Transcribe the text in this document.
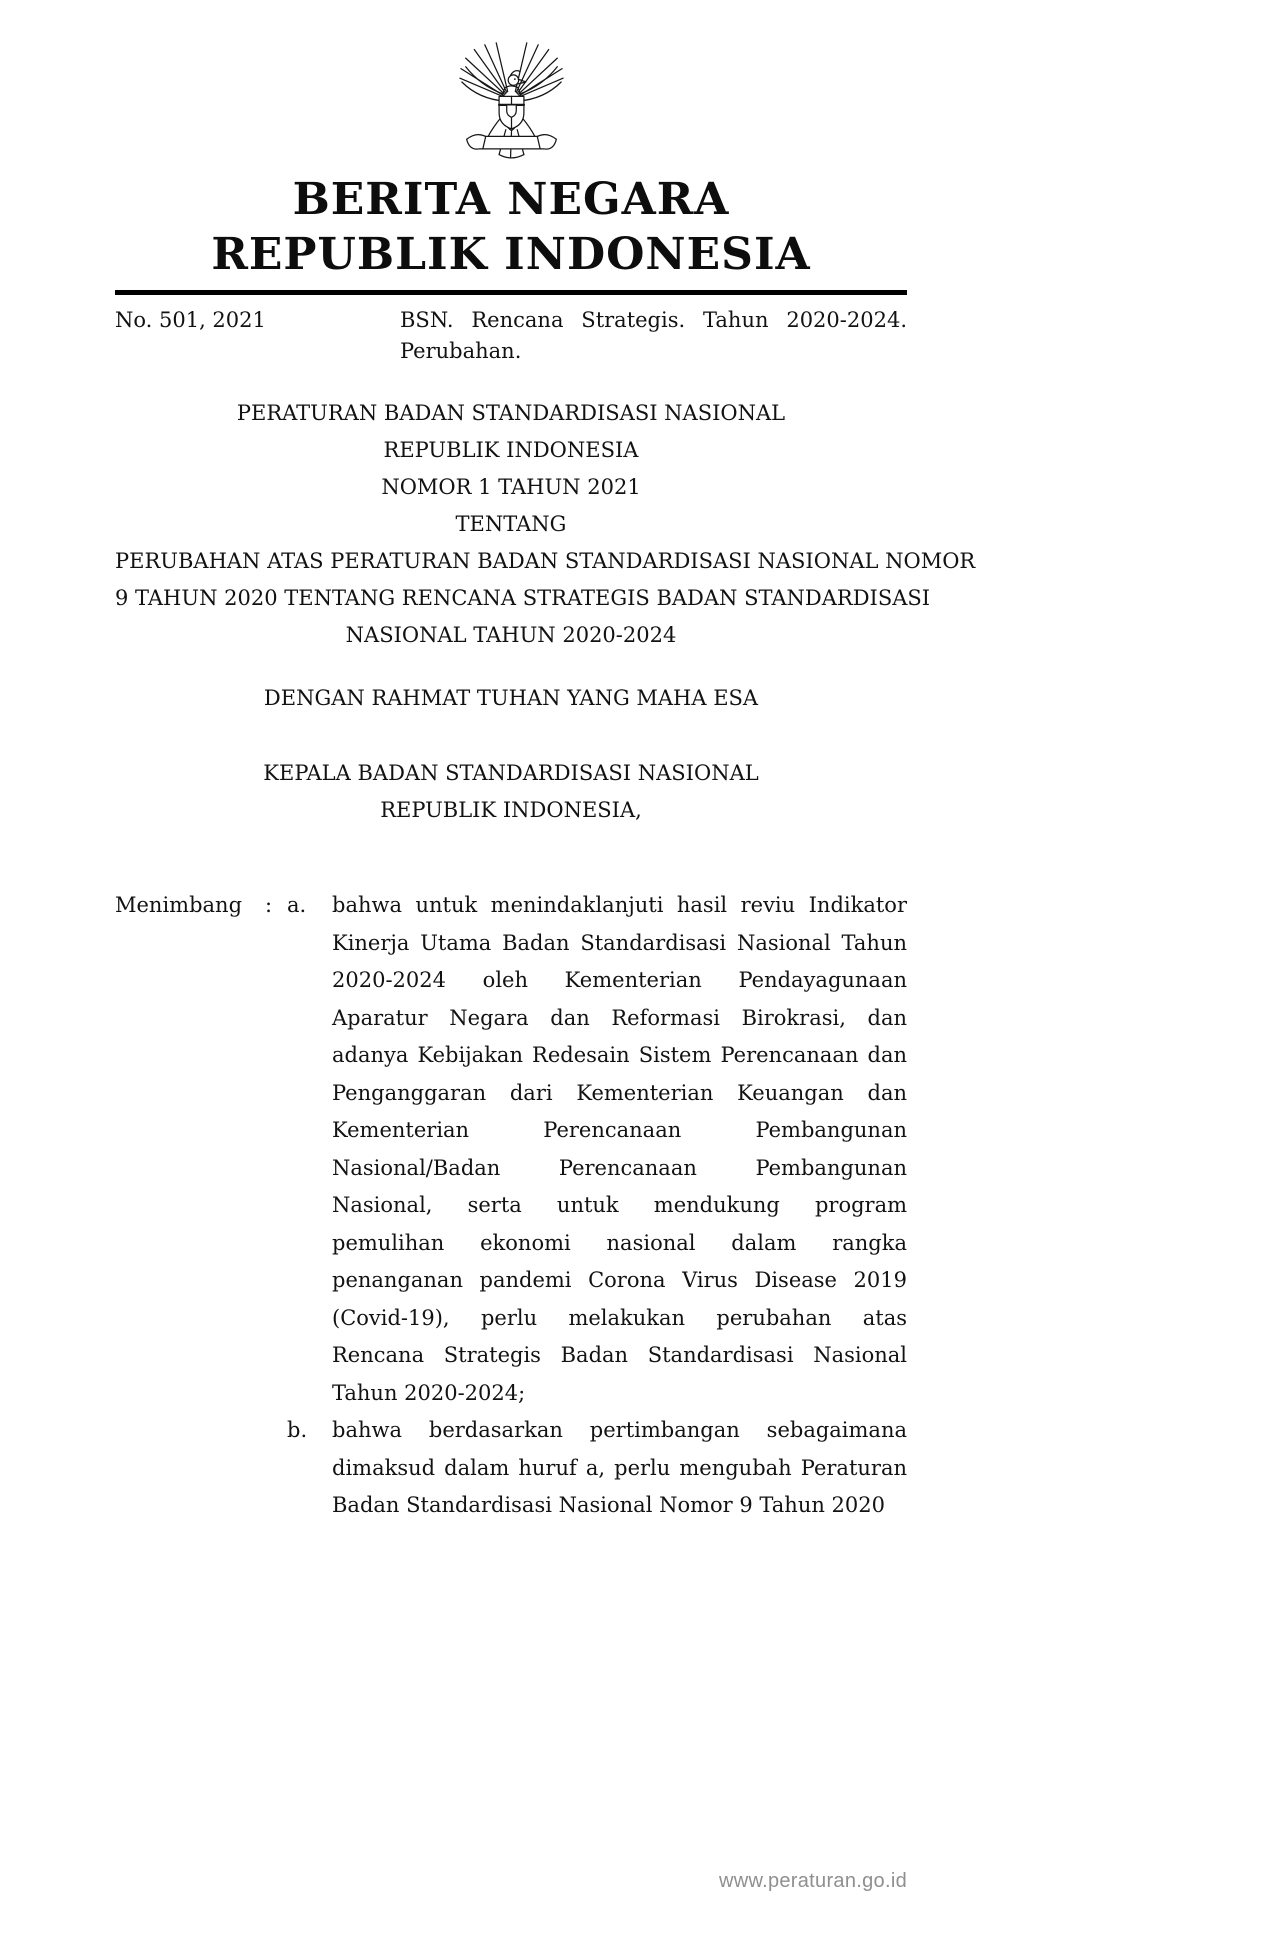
BERITA NEGARA
REPUBLIK INDONESIA
No. 501, 2021	BSN. Rencana Strategis. Tahun 2020-2024. Perubahan.

PERATURAN BADAN STANDARDISASI NASIONAL
REPUBLIK INDONESIA
NOMOR 1 TAHUN 2021
TENTANG
PERUBAHAN ATAS PERATURAN BADAN STANDARDISASI NASIONAL NOMOR
9 TAHUN 2020 TENTANG RENCANA STRATEGIS BADAN STANDARDISASI
NASIONAL TAHUN 2020-2024
DENGAN RAHMAT TUHAN YANG MAHA ESA
KEPALA BADAN STANDARDISASI NASIONAL
REPUBLIK INDONESIA,
Menimbang	: a.	bahwa untuk menindaklanjuti hasil reviu Indikator Kinerja Utama Badan Standardisasi Nasional Tahun 2020-2024 oleh Kementerian Pendayagunaan Aparatur Negara dan Reformasi Birokrasi, dan adanya Kebijakan Redesain Sistem Perencanaan dan Penganggaran dari Kementerian Keuangan dan Kementerian Perencanaan Pembangunan Nasional/Badan Perencanaan Pembangunan Nasional, serta untuk mendukung program pemulihan ekonomi nasional dalam rangka penanganan pandemi Corona Virus Disease 2019 (Covid-19), perlu melakukan perubahan atas Rencana Strategis Badan Standardisasi Nasional Tahun 2020-2024;

b.	bahwa berdasarkan pertimbangan sebagaimana dimaksud dalam huruf a, perlu mengubah Peraturan Badan Standardisasi Nasional Nomor 9 Tahun 2020

www.peraturan.go.id
